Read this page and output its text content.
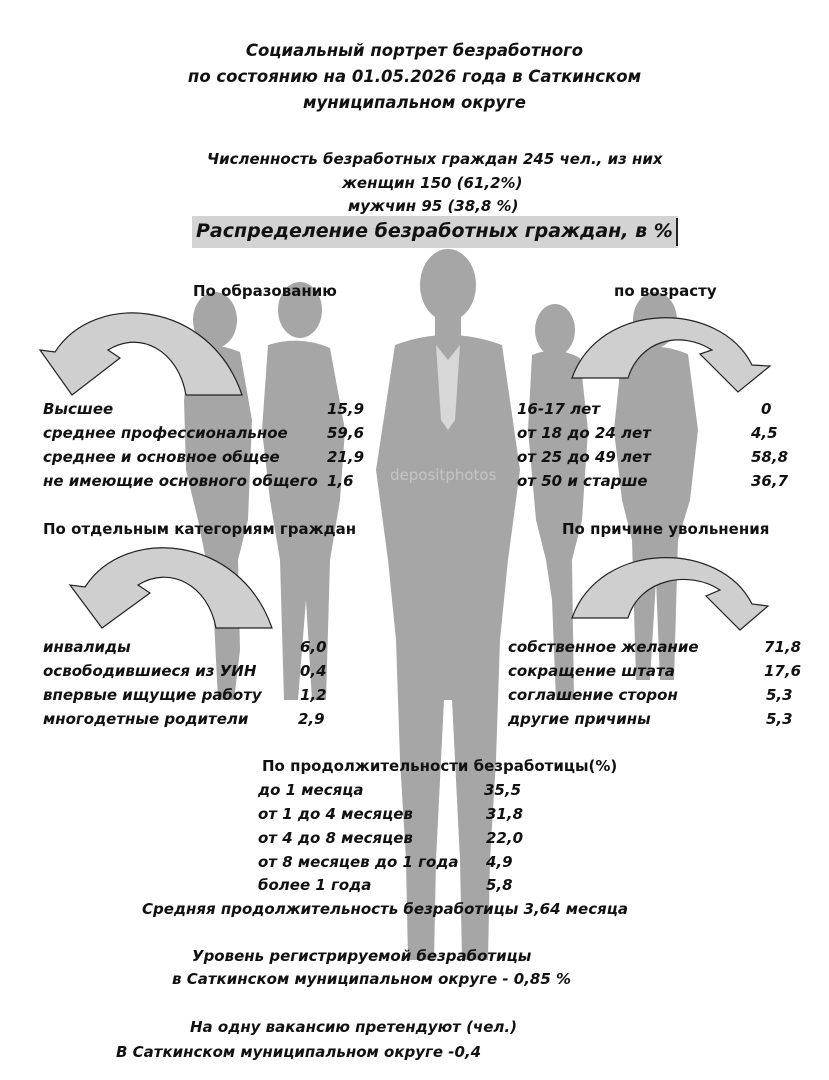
depositphotos
Социальный портрет безработного
по состоянию на 01.05.2026 года в Саткинском
муниципальном округе
Численность безработных граждан 245 чел., из них
женщин 150 (61,2%)
мужчин 95 (38,8 %)
Распределение безработных граждан, в %
По образованию	по возрасту
По отдельным категориям граждан	По причине увольнения
Высшее	15,9
среднее профессиональное	59,6
среднее и основное общее	21,9
не имеющие основного общего 1,6
16-17 лет	0
от 18 до 24 лет	4,5
от 25 до 49 лет	58,8
от 50 и старше	36,7
инвалиды	6,0
освободившиеся из УИН	0,4
впервые ищущие работу	1,2
многодетные родители	2,9
собственное желание	71,8
сокращение штата	17,6
соглашение сторон	5,3
другие причины	5,3
По продолжительности безработицы(%)
до 1 месяца	35,5
от 1 до 4 месяцев	31,8
от 4 до 8 месяцев	22,0
от 8 месяцев до 1 года 4,9
более 1 года	5,8
Средняя продолжительность безработицы 3,64 месяца
Уровень регистрируемой безработицы
в Саткинском муниципальном округе - 0,85 %
На одну вакансию претендуют (чел.)
В Саткинском муниципальном округе -0,4
